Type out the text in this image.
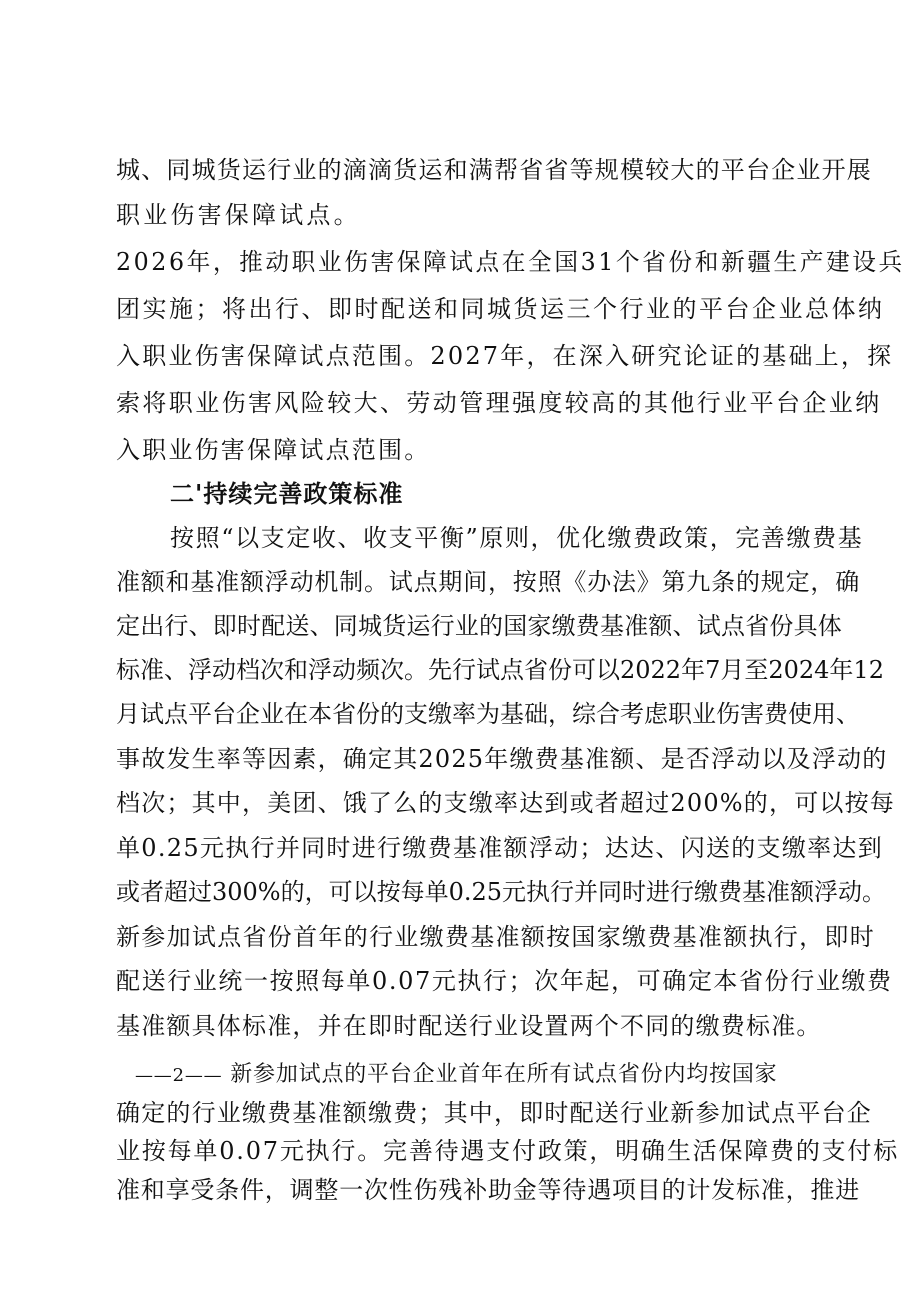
城、同城货运行业的滴滴货运和满帮省省等规模较大的平台企业开展
职业伤害保障试点。
2026年，推动职业伤害保障试点在全国31个省份和新疆生产建设兵
团实施；将出行、即时配送和同城货运三个行业的平台企业总体纳
入职业伤害保障试点范围。2027年，在深入研究论证的基础上，探
索将职业伤害风险较大、劳动管理强度较高的其他行业平台企业纳
入职业伤害保障试点范围。
二'持续完善政策标准
按照“以支定收、收支平衡”原则，优化缴费政策，完善缴费基
准额和基准额浮动机制。试点期间，按照《办法》第九条的规定，确
定出行、即时配送、同城货运行业的国家缴费基准额、试点省份具体
标准、浮动档次和浮动频次。先行试点省份可以2022年7月至2024年12
月试点平台企业在本省份的支缴率为基础，综合考虑职业伤害费使用、
事故发生率等因素，确定其2025年缴费基准额、是否浮动以及浮动的
档次；其中，美团、饿了么的支缴率达到或者超过200%的，可以按每
单0.25元执行并同时进行缴费基准额浮动；达达、闪送的支缴率达到
或者超过300%的，可以按每单0.25元执行并同时进行缴费基准额浮动。
新参加试点省份首年的行业缴费基准额按国家缴费基准额执行，即时
配送行业统一按照每单0.07元执行；次年起，可确定本省份行业缴费
基准额具体标准，并在即时配送行业设置两个不同的缴费标准。
——2—— 新参加试点的平台企业首年在所有试点省份内均按国家
确定的行业缴费基准额缴费；其中，即时配送行业新参加试点平台企
业按每单0.07元执行。完善待遇支付政策，明确生活保障费的支付标
准和享受条件，调整一次性伤残补助金等待遇项目的计发标准，推进
